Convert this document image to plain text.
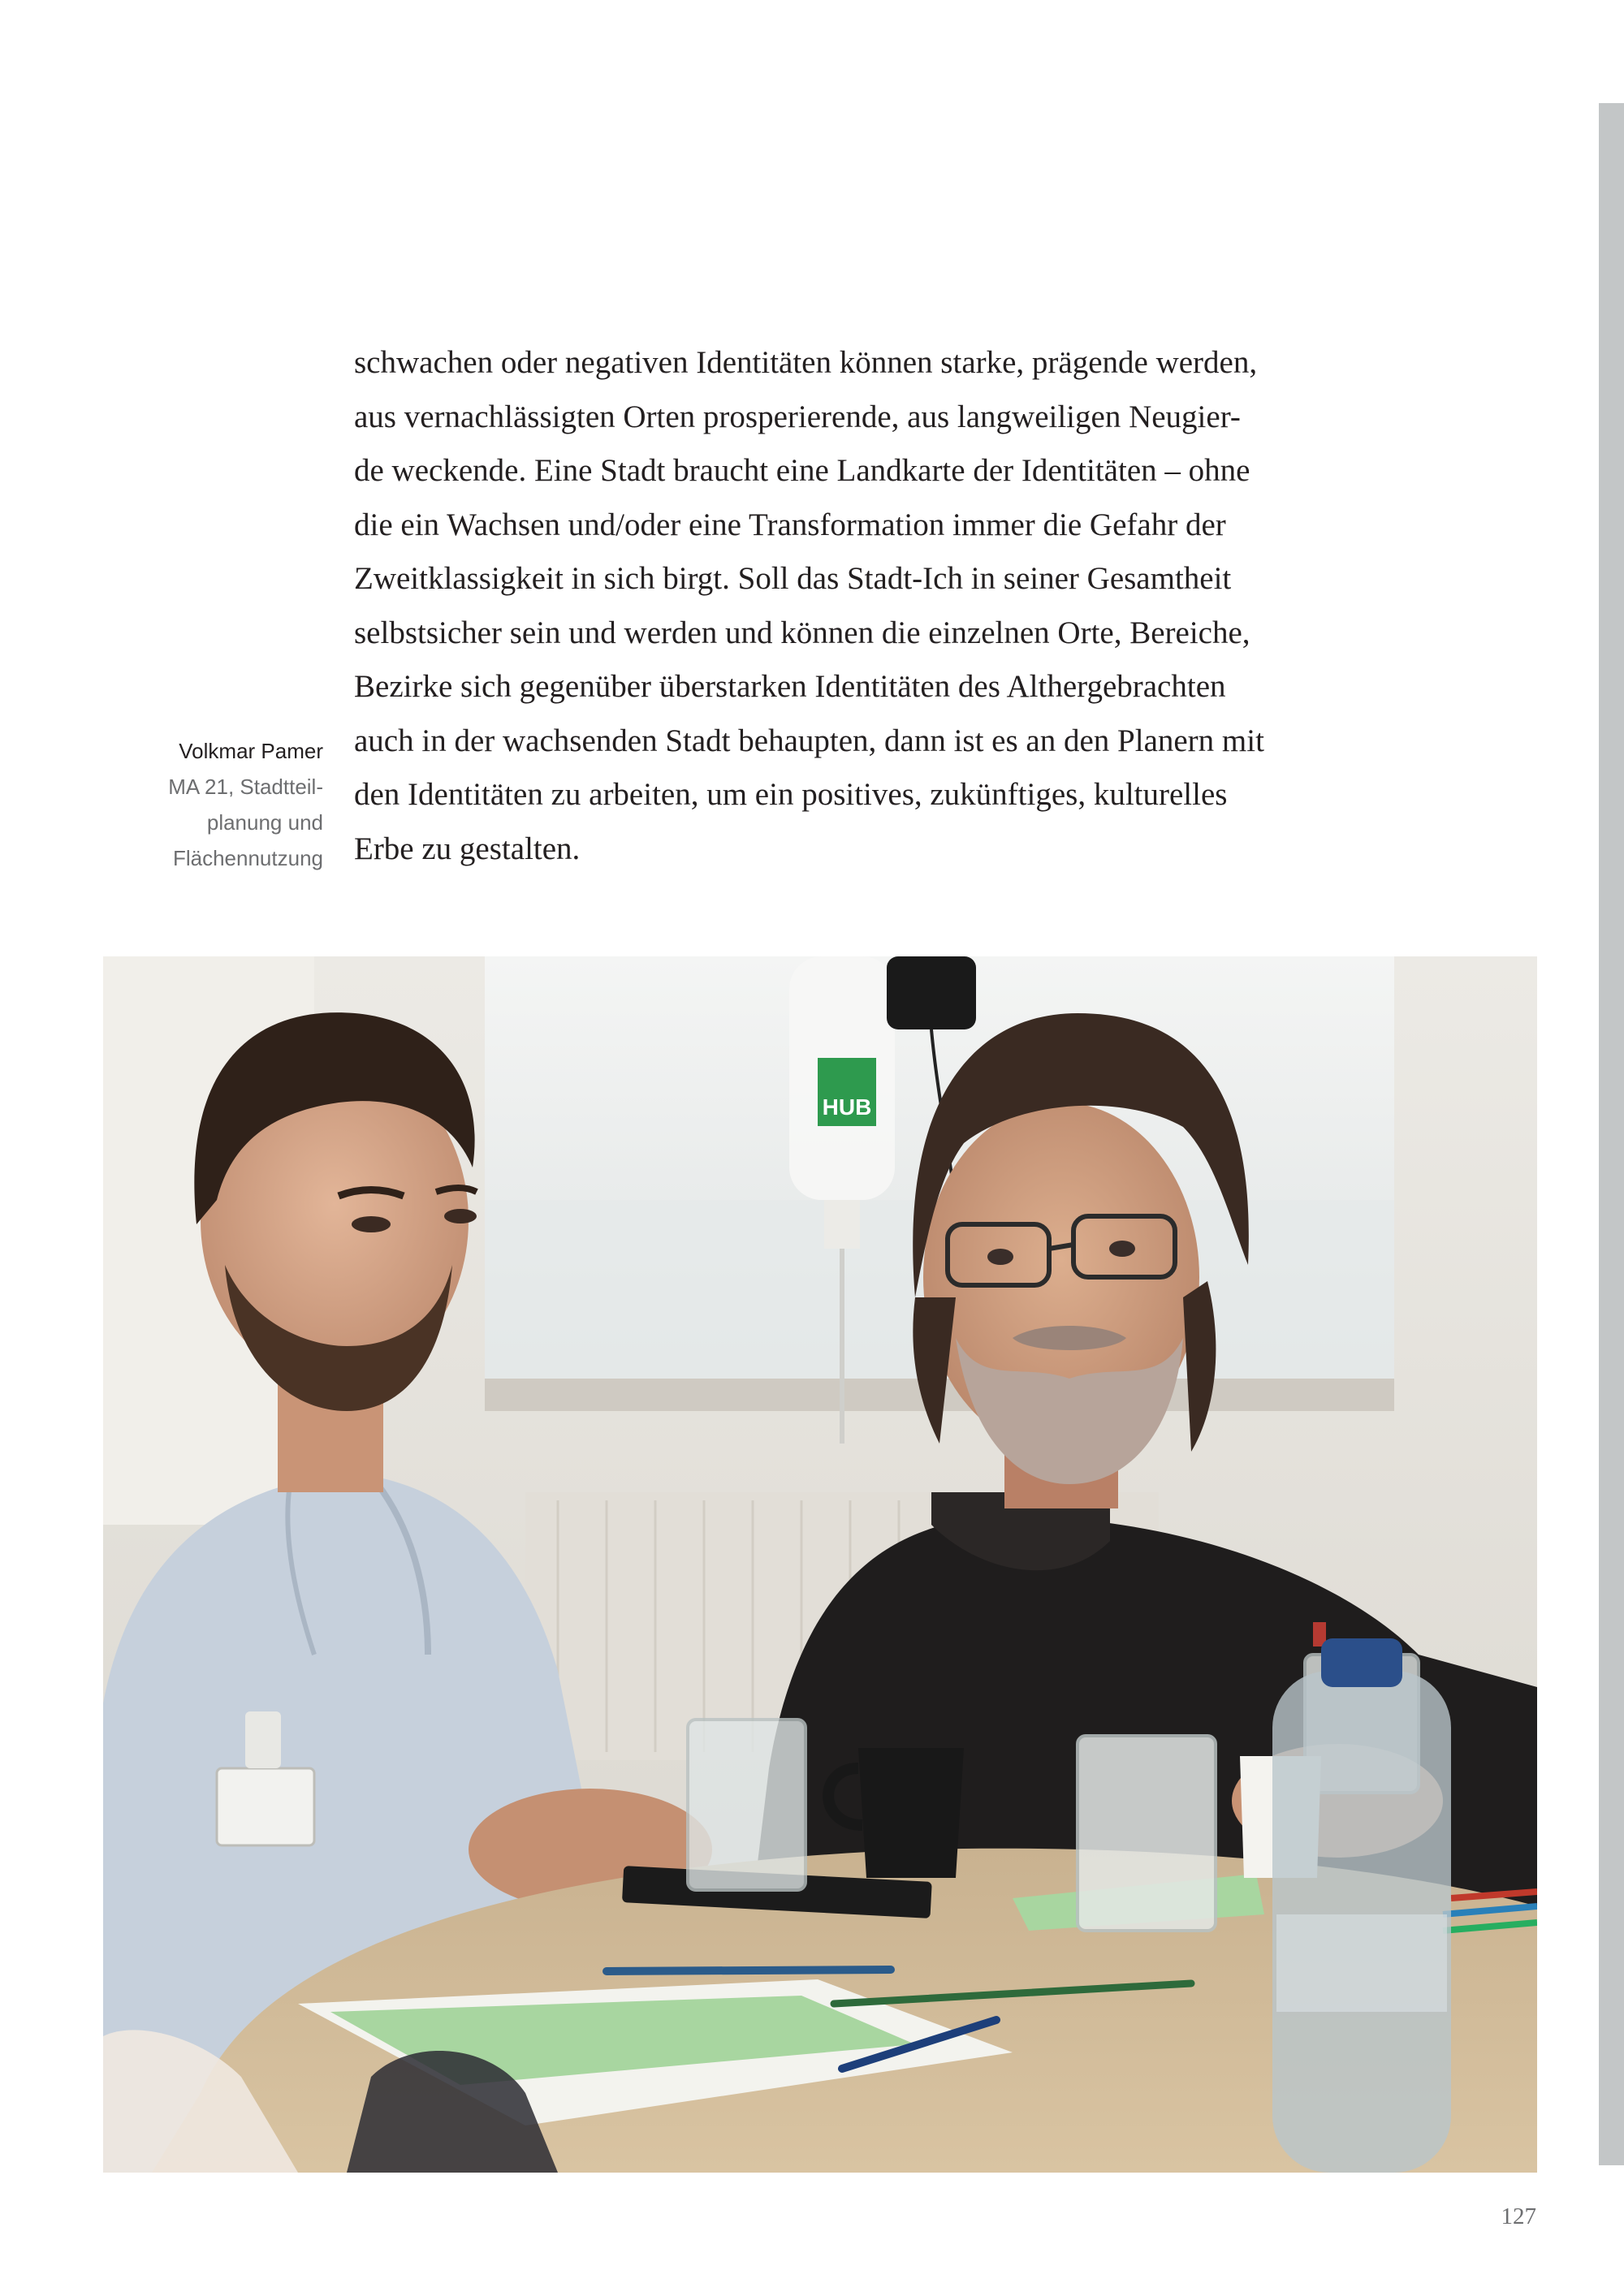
schwachen oder negativen Identitäten können starke, prägende werden,
aus vernachlässigten Orten prosperierende, aus langweiligen Neugier-
de weckende. Eine Stadt braucht eine Landkarte der Identitäten – ohne
die ein Wachsen und/oder eine Transformation immer die Gefahr der
Zweitklassigkeit in sich birgt. Soll das Stadt-Ich in seiner Gesamtheit
selbstsicher sein und werden und können die einzelnen Orte, Bereiche,
Bezirke sich gegenüber überstarken Identitäten des Althergebrachten
auch in der wachsenden Stadt behaupten, dann ist es an den Planern mit
den Identitäten zu arbeiten, um ein positives, zukünftiges, kulturelles
Erbe zu gestalten.
Volkmar Pamer
MA 21, Stadtteil-
planung und
Flächennutzung
HUB
127
